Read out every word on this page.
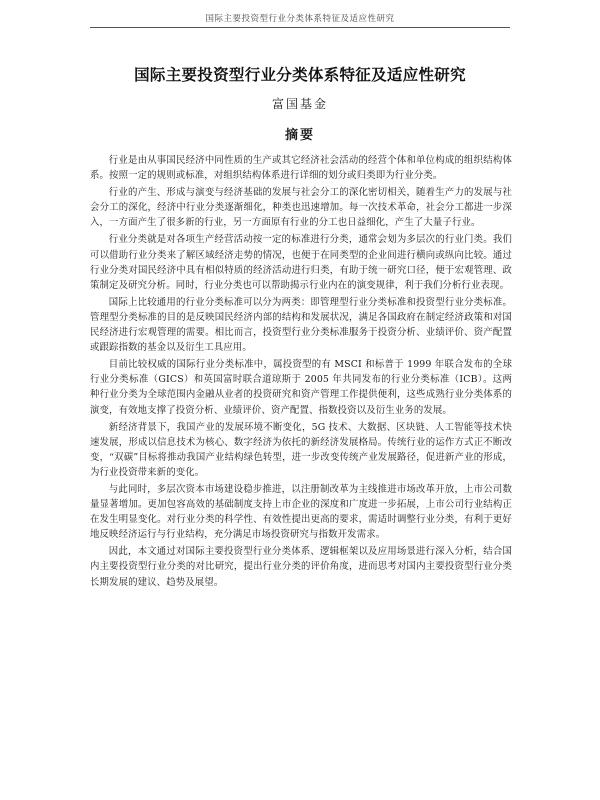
国际主要投资型行业分类体系特征及适应性研究
国际主要投资型行业分类体系特征及适应性研究
富国基金
摘要

行业是由从事国民经济中同性质的生产或其它经济社会活动的经营个体和单位构成的组织结构体系。按照一定的规则或标准，对组织结构体系进行详细的划分或归类即为行业分类。

行业的产生、形成与演变与经济基础的发展与社会分工的深化密切相关，随着生产力的发展与社会分工的深化，经济中行业分类逐渐细化，种类也迅速增加。每一次技术革命，社会分工都进一步深入，一方面产生了很多新的行业，另一方面原有行业的分工也日益细化，产生了大量子行业。

行业分类就是对各项生产经营活动按一定的标准进行分类，通常会划为多层次的行业门类。我们可以借助行业分类来了解区域经济走势的情况，也便于在同类型的企业间进行横向或纵向比较。通过行业分类对国民经济中具有相似特质的经济活动进行归类，有助于统一研究口径，便于宏观管理、政策制定及研究分析。同时，行业分类也可以帮助揭示行业内在的演变规律，利于我们分析行业表现。

国际上比较通用的行业分类标准可以分为两类：即管理型行业分类标准和投资型行业分类标准。管理型分类标准的目的是反映国民经济内部的结构和发展状况，满足各国政府在制定经济政策和对国民经济进行宏观管理的需要。相比而言，投资型行业分类标准服务于投资分析、业绩评价、资产配置或跟踪指数的基金以及衍生工具应用。

目前比较权威的国际行业分类标准中，属投资型的有 MSCI 和标普于 1999 年联合发布的全球行业分类标准（GICS）和英国富时联合道琼斯于 2005 年共同发布的行业分类标准（ICB）。这两种行业分类为全球范围内金融从业者的投资研究和资产管理工作提供便利，这些成熟行业分类体系的演变，有效地支撑了投资分析、业绩评价、资产配置、指数投资以及衍生业务的发展。

新经济背景下，我国产业的发展环境不断变化，5G 技术、大数据、区块链、人工智能等技术快速发展，形成以信息技术为核心、数字经济为依托的新经济发展格局。传统行业的运作方式正不断改变，“双碳”目标将推动我国产业结构绿色转型，进一步改变传统产业发展路径，促进新产业的形成，为行业投资带来新的变化。

与此同时，多层次资本市场建设稳步推进，以注册制改革为主线推进市场改革开放，上市公司数量显著增加。更加包容高效的基础制度支持上市企业的深度和广度进一步拓展，上市公司行业结构正在发生明显变化。对行业分类的科学性、有效性提出更高的要求，需适时调整行业分类，有利于更好地反映经济运行与行业结构，充分满足市场投资研究与指数开发需求。

因此，本文通过对国际主要投资型行业分类体系、逻辑框架以及应用场景进行深入分析，结合国内主要投资型行业分类的对比研究，提出行业分类的评价角度，进而思考对国内主要投资型行业分类长期发展的建议、趋势及展望。
